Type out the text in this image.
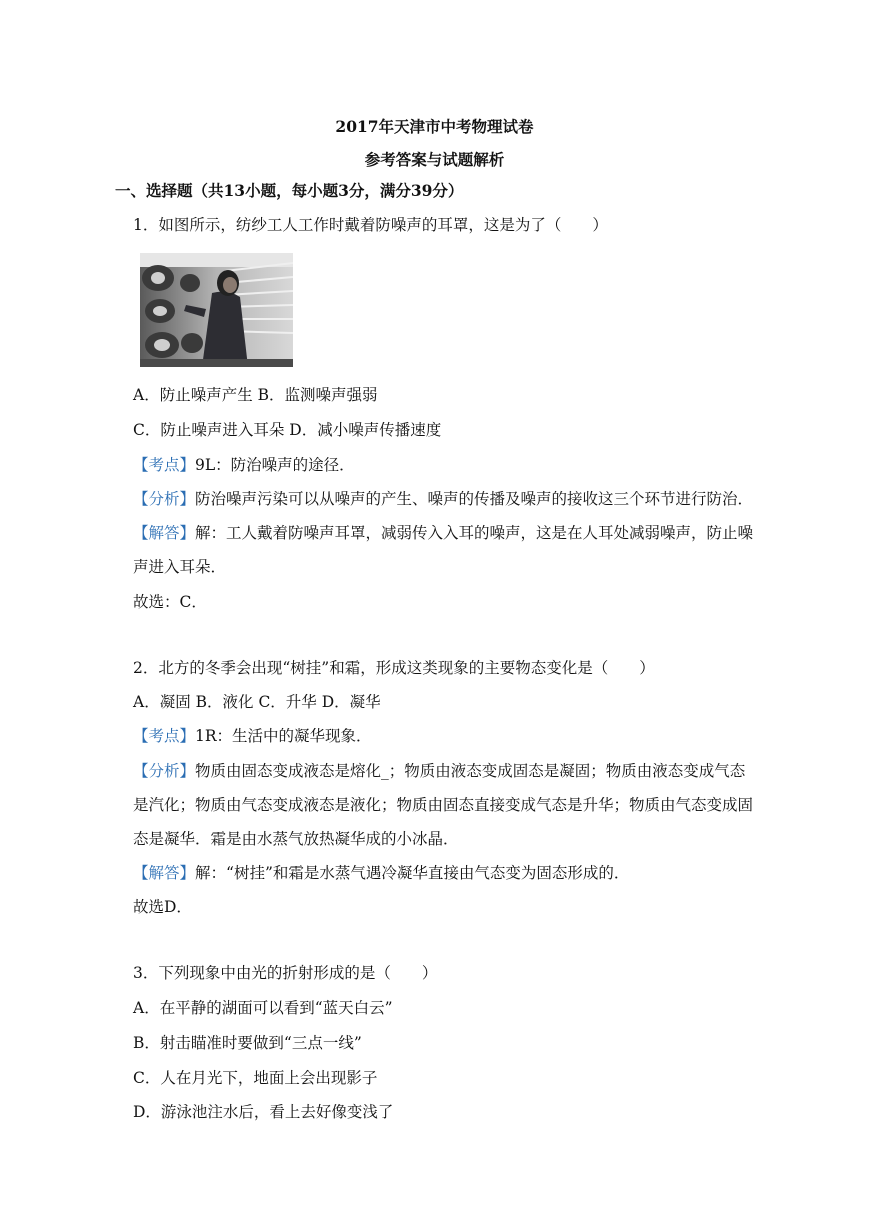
2017年天津市中考物理试卷
参考答案与试题解析
一、选择题（共13小题，每小题3分，满分39分）
1．如图所示，纺纱工人工作时戴着防噪声的耳罩，这是为了（　　）
A．防止噪声产生 B．监测噪声强弱
C．防止噪声进入耳朵 D．减小噪声传播速度
【考点】9L：防治噪声的途径．
【分析】防治噪声污染可以从噪声的产生、噪声的传播及噪声的接收这三个环节进行防治．
【解答】解：工人戴着防噪声耳罩，减弱传入入耳的噪声，这是在人耳处减弱噪声，防止噪
声进入耳朵．
故选：C．
2．北方的冬季会出现“树挂”和霜，形成这类现象的主要物态变化是（　　）
A．凝固 B．液化 C．升华 D．凝华
【考点】1R：生活中的凝华现象．
【分析】物质由固态变成液态是熔化_；物质由液态变成固态是凝固；物质由液态变成气态
是汽化；物质由气态变成液态是液化；物质由固态直接变成气态是升华；物质由气态变成固
态是凝华．霜是由水蒸气放热凝华成的小冰晶．
【解答】解：“树挂”和霜是水蒸气遇冷凝华直接由气态变为固态形成的．
故选D．
3．下列现象中由光的折射形成的是（　　）
A．在平静的湖面可以看到“蓝天白云”
B．射击瞄准时要做到“三点一线”
C．人在月光下，地面上会出现影子
D．游泳池注水后，看上去好像变浅了
